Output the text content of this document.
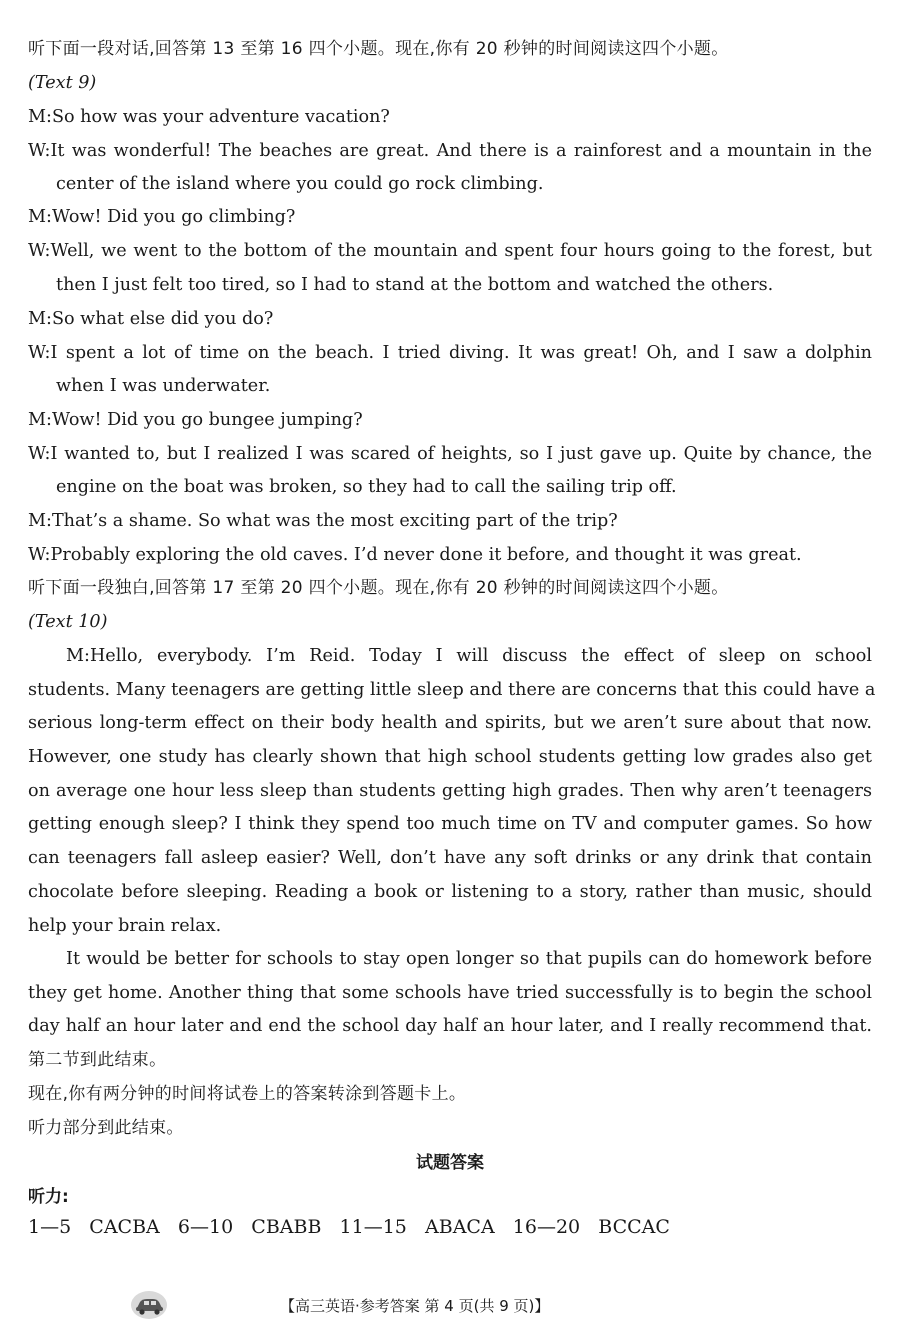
听下面一段对话,回答第 13 至第 16 四个小题。现在,你有 20 秒钟的时间阅读这四个小题。
(Text 9)
M:So how was your adventure vacation?
W:It was wonderful! The beaches are great. And there is a rainforest and a mountain in the
center of the island where you could go rock climbing.
M:Wow! Did you go climbing?
W:Well, we went to the bottom of the mountain and spent four hours going to the forest, but
then I just felt too tired, so I had to stand at the bottom and watched the others.
M:So what else did you do?
W:I spent a lot of time on the beach. I tried diving. It was great! Oh, and I saw a dolphin
when I was underwater.
M:Wow! Did you go bungee jumping?
W:I wanted to, but I realized I was scared of heights, so I just gave up. Quite by chance, the
engine on the boat was broken, so they had to call the sailing trip off.
M:That’s a shame. So what was the most exciting part of the trip?
W:Probably exploring the old caves. I’d never done it before, and thought it was great.
听下面一段独白,回答第 17 至第 20 四个小题。现在,你有 20 秒钟的时间阅读这四个小题。
(Text 10)
M:Hello, everybody. I’m Reid. Today I will discuss the effect of sleep on school
students. Many teenagers are getting little sleep and there are concerns that this could have a
serious long-term effect on their body health and spirits, but we aren’t sure about that now.
However, one study has clearly shown that high school students getting low grades also get
on average one hour less sleep than students getting high grades. Then why aren’t teenagers
getting enough sleep? I think they spend too much time on TV and computer games. So how
can teenagers fall asleep easier? Well, don’t have any soft drinks or any drink that contain
chocolate before sleeping. Reading a book or listening to a story, rather than music, should
help your brain relax.
It would be better for schools to stay open longer so that pupils can do homework before
they get home. Another thing that some schools have tried successfully is to begin the school
day half an hour later and end the school day half an hour later, and I really recommend that.
第二节到此结束。
现在,你有两分钟的时间将试卷上的答案转涂到答题卡上。
听力部分到此结束。
试题答案
听力:
1—5   CACBA   6—10   CBABB   11—15   ABACA   16—20   BCCAC
【高三英语·参考答案 第 4 页(共 9 页)】
